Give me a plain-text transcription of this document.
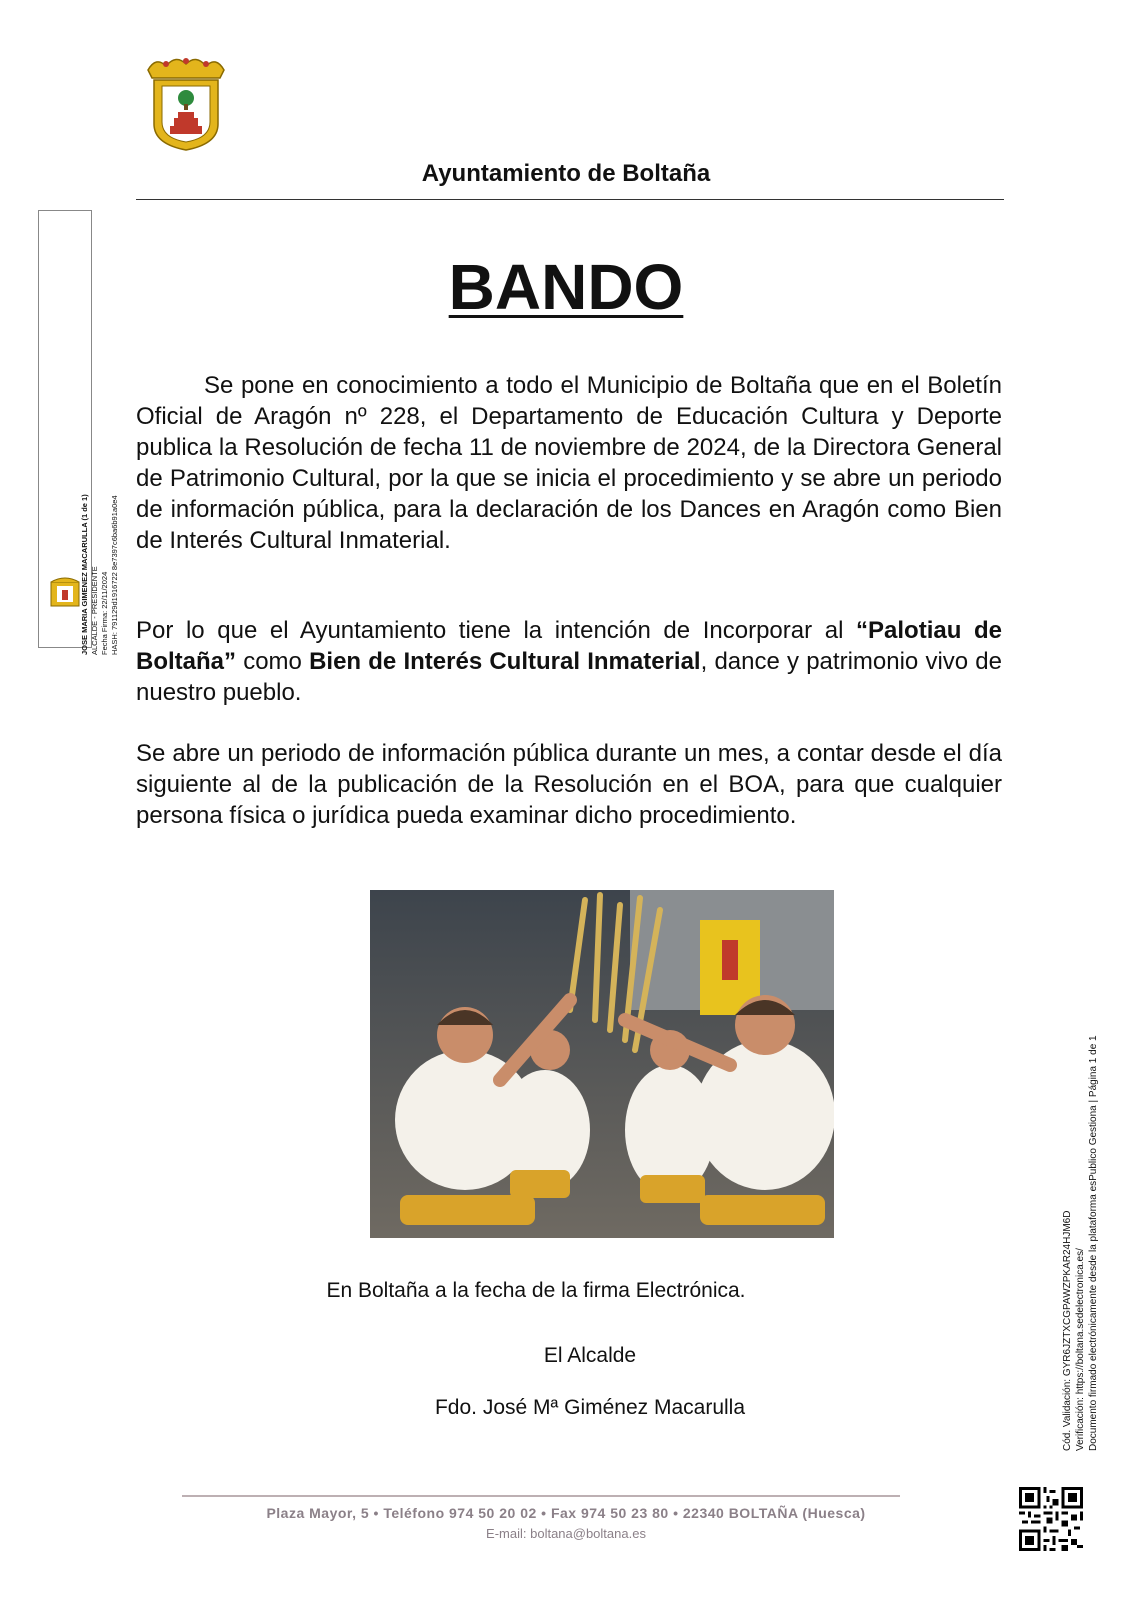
Ayuntamiento de Boltaña
BANDO
Se pone en conocimiento a todo el Municipio de Boltaña que en el Boletín Oficial de Aragón nº 228, el Departamento de Educación Cultura y Deporte publica la Resolución de fecha 11 de noviembre de 2024, de la Directora General de Patrimonio Cultural, por la que se inicia el procedimiento y se abre un periodo de información pública, para la declaración de los Dances en Aragón como Bien de Interés Cultural Inmaterial.
Por lo que el Ayuntamiento tiene la intención de Incorporar al “Palotiau de Boltaña” como Bien de Interés Cultural Inmaterial, dance y patrimonio vivo de nuestro pueblo.
Se abre un periodo de información pública durante un mes, a contar desde el día siguiente al de la publicación de la Resolución en el BOA, para que cualquier persona física o jurídica pueda examinar dicho procedimiento.
En Boltaña a la fecha de la firma Electrónica.
El Alcalde
Fdo. José Mª Giménez Macarulla
Plaza Mayor, 5 • Teléfono 974 50 20 02 • Fax 974 50 23 80 • 22340 BOLTAÑA (Huesca)
E-mail: boltana@boltana.es
JOSE MARIA GIMENEZ MACARULLA (1 de 1) ALCALDE - PRESIDENTE Fecha Firma: 22/11/2024 HASH: 791129d1916722 8e7397c6ba6b91a0e4
Cód. Validación: GYR6JZTXCGPAWZPKAR24HJM6D Verificación: https://boltana.sedelectronica.es/ Documento firmado electrónicamente desde la plataforma esPublico Gestiona | Página 1 de 1
